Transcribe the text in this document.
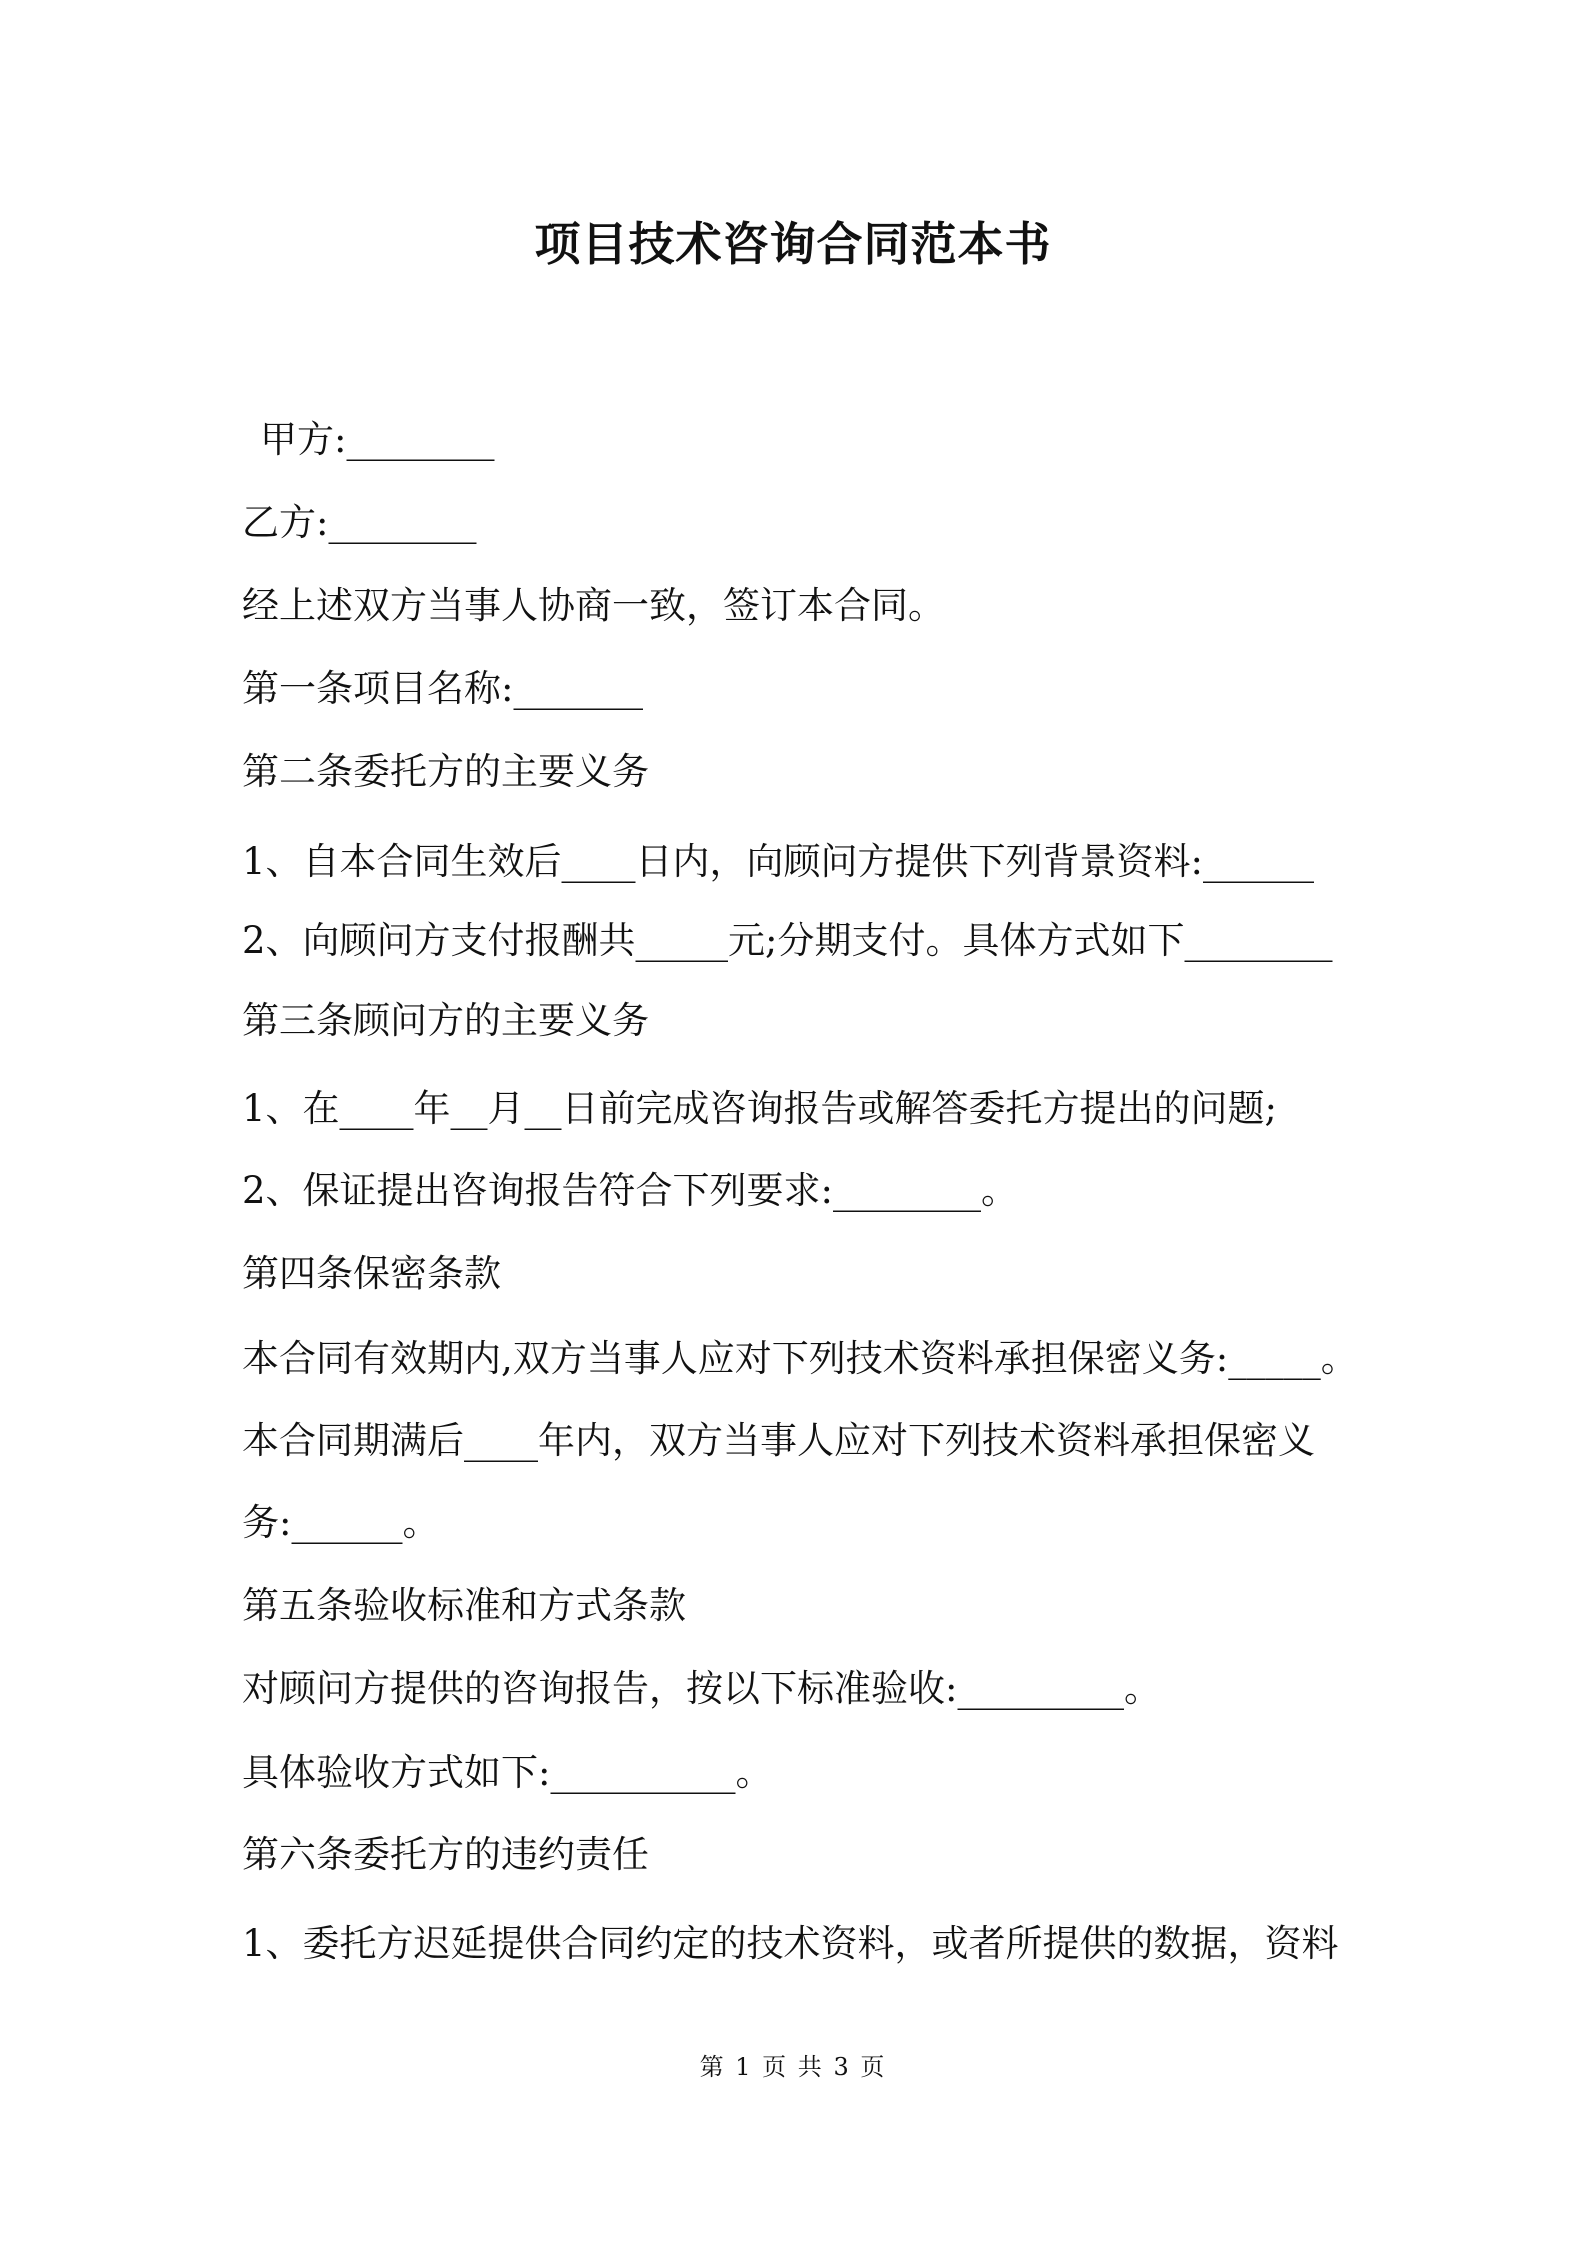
项目技术咨询合同范本书

甲方:________

乙方:________

经上述双方当事人协商一致，签订本合同。

第一条项目名称:_______

第二条委托方的主要义务

1、自本合同生效后____日内，向顾问方提供下列背景资料:______

2、向顾问方支付报酬共_____元;分期支付。具体方式如下________

第三条顾问方的主要义务

1、在____年__月__日前完成咨询报告或解答委托方提出的问题;

2、保证提出咨询报告符合下列要求:________。

第四条保密条款

本合同有效期内,双方当事人应对下列技术资料承担保密义务:_____。

本合同期满后____年内，双方当事人应对下列技术资料承担保密义

务:______。

第五条验收标准和方式条款

对顾问方提供的咨询报告，按以下标准验收:_________。

具体验收方式如下:__________。

第六条委托方的违约责任

1、委托方迟延提供合同约定的技术资料，或者所提供的数据，资料

第 1 页 共 3 页
